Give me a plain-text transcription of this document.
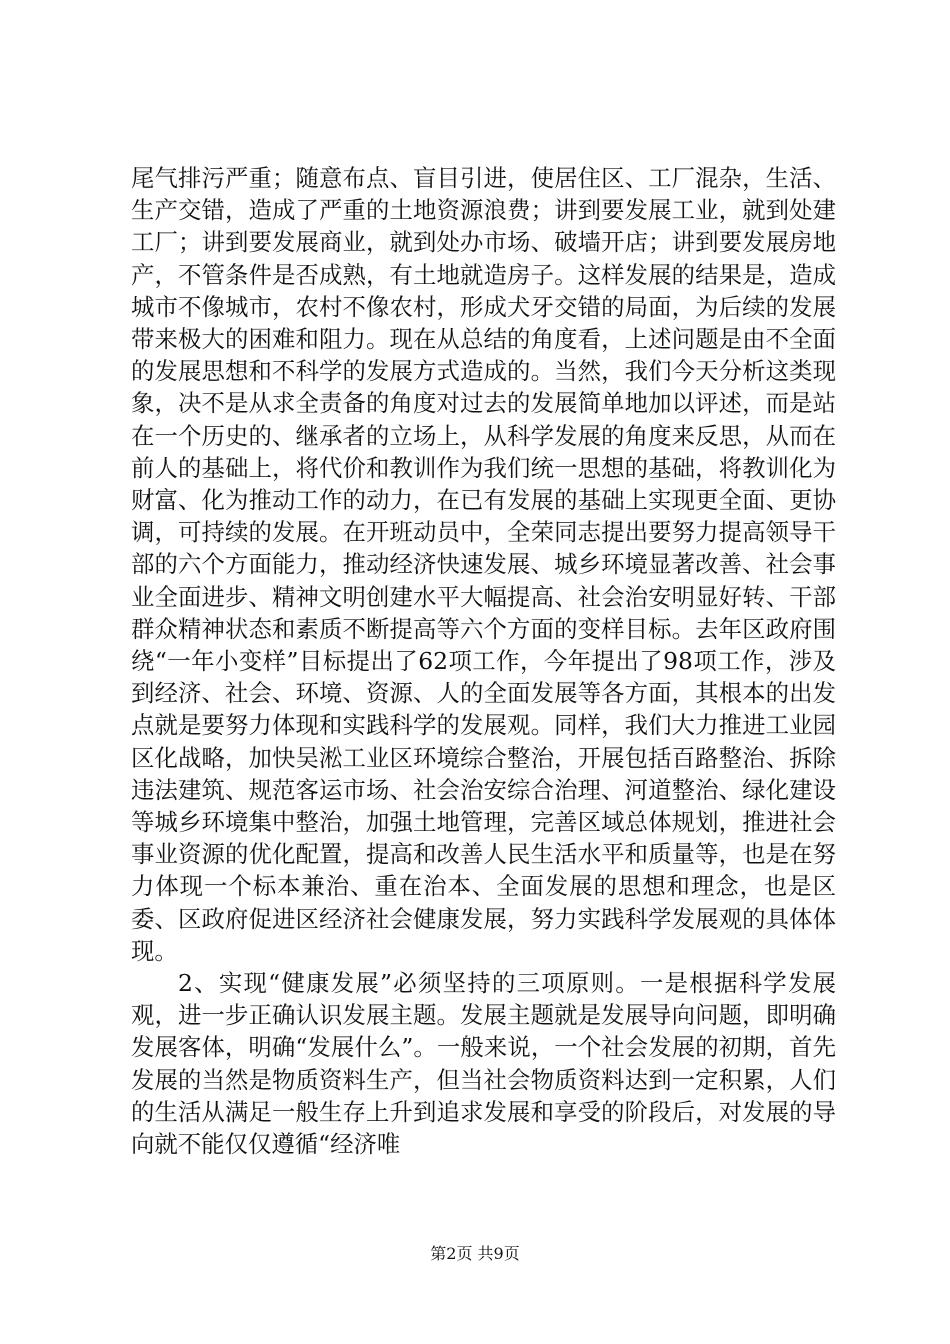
尾气排污严重；随意布点、盲目引进，使居住区、工厂混杂，生活、生产交错，造成了严重的土地资源浪费；讲到要发展工业，就到处建工厂；讲到要发展商业，就到处办市场、破墙开店；讲到要发展房地产，不管条件是否成熟，有土地就造房子。这样发展的结果是，造成城市不像城市，农村不像农村，形成犬牙交错的局面，为后续的发展带来极大的困难和阻力。现在从总结的角度看，上述问题是由不全面的发展思想和不科学的发展方式造成的。当然，我们今天分析这类现象，决不是从求全责备的角度对过去的发展简单地加以评述，而是站在一个历史的、继承者的立场上，从科学发展的角度来反思，从而在前人的基础上，将代价和教训作为我们统一思想的基础，将教训化为财富、化为推动工作的动力，在已有发展的基础上实现更全面、更协调，可持续的发展。在开班动员中，全荣同志提出要努力提高领导干部的六个方面能力，推动经济快速发展、城乡环境显著改善、社会事业全面进步、精神文明创建水平大幅提高、社会治安明显好转、干部群众精神状态和素质不断提高等六个方面的变样目标。去年区政府围绕“一年小变样”目标提出了62项工作，今年提出了98项工作，涉及到经济、社会、环境、资源、人的全面发展等各方面，其根本的出发点就是要努力体现和实践科学的发展观。同样，我们大力推进工业园区化战略，加快吴淞工业区环境综合整治，开展包括百路整治、拆除违法建筑、规范客运市场、社会治安综合治理、河道整治、绿化建设等城乡环境集中整治，加强土地管理，完善区域总体规划，推进社会事业资源的优化配置，提高和改善人民生活水平和质量等，也是在努力体现一个标本兼治、重在治本、全面发展的思想和理念，也是区委、区政府促进区经济社会健康发展，努力实践科学发展观的具体体现。

2、实现“健康发展”必须坚持的三项原则。一是根据科学发展观，进一步正确认识发展主题。发展主题就是发展导向问题，即明确发展客体，明确“发展什么”。一般来说，一个社会发展的初期，首先发展的当然是物质资料生产，但当社会物质资料达到一定积累，人们的生活从满足一般生存上升到追求发展和享受的阶段后，对发展的导向就不能仅仅遵循“经济唯

第2页 共9页
